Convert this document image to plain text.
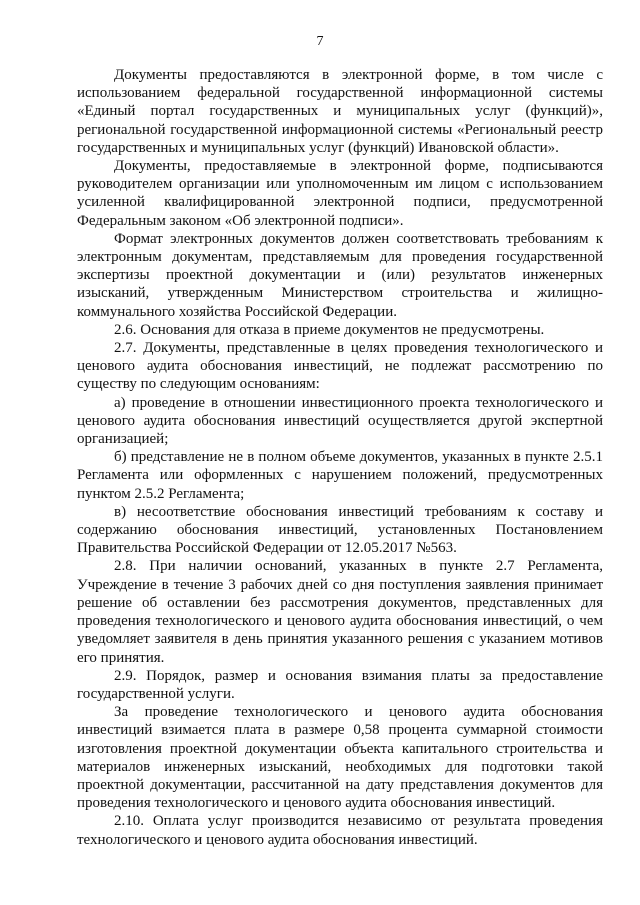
7

Документы предоставляются в электронной форме, в том числе с использованием федеральной государственной информационной системы «Единый портал государственных и муниципальных услуг (функций)», региональной государственной информационной системы «Региональный реестр государственных и муниципальных услуг (функций) Ивановской области».

Документы, предоставляемые в электронной форме, подписываются руководителем организации или уполномоченным им лицом с использованием усиленной квалифицированной электронной подписи, предусмотренной Федеральным законом «Об электронной подписи».

Формат электронных документов должен соответствовать требованиям к электронным документам, представляемым для проведения государственной экспертизы проектной документации и (или) результатов инженерных изысканий, утвержденным Министерством строительства и жилищно-коммунального хозяйства Российской Федерации.

2.6. Основания для отказа в приеме документов не предусмотрены.

2.7. Документы, представленные в целях проведения технологического и ценового аудита обоснования инвестиций, не подлежат рассмотрению по существу по следующим основаниям:

а) проведение в отношении инвестиционного проекта технологического и ценового аудита обоснования инвестиций осуществляется другой экспертной организацией;

б) представление не в полном объеме документов, указанных в пункте 2.5.1 Регламента или оформленных с нарушением положений, предусмотренных пунктом 2.5.2 Регламента;

в) несоответствие обоснования инвестиций требованиям к составу и содержанию обоснования инвестиций, установленных Постановлением Правительства Российской Федерации от 12.05.2017 №563.

2.8. При наличии оснований, указанных в пункте 2.7 Регламента, Учреждение в течение 3 рабочих дней со дня поступления заявления принимает решение об оставлении без рассмотрения документов, представленных для проведения технологического и ценового аудита обоснования инвестиций, о чем уведомляет заявителя в день принятия указанного решения с указанием мотивов его принятия.

2.9. Порядок, размер и основания взимания платы за предоставление государственной услуги.

За проведение технологического и ценового аудита обоснования инвестиций взимается плата в размере 0,58 процента суммарной стоимости изготовления проектной документации объекта капитального строительства и материалов инженерных изысканий, необходимых для подготовки такой проектной документации, рассчитанной на дату представления документов для проведения технологического и ценового аудита обоснования инвестиций.

2.10. Оплата услуг производится независимо от результата проведения технологического и ценового аудита обоснования инвестиций.
